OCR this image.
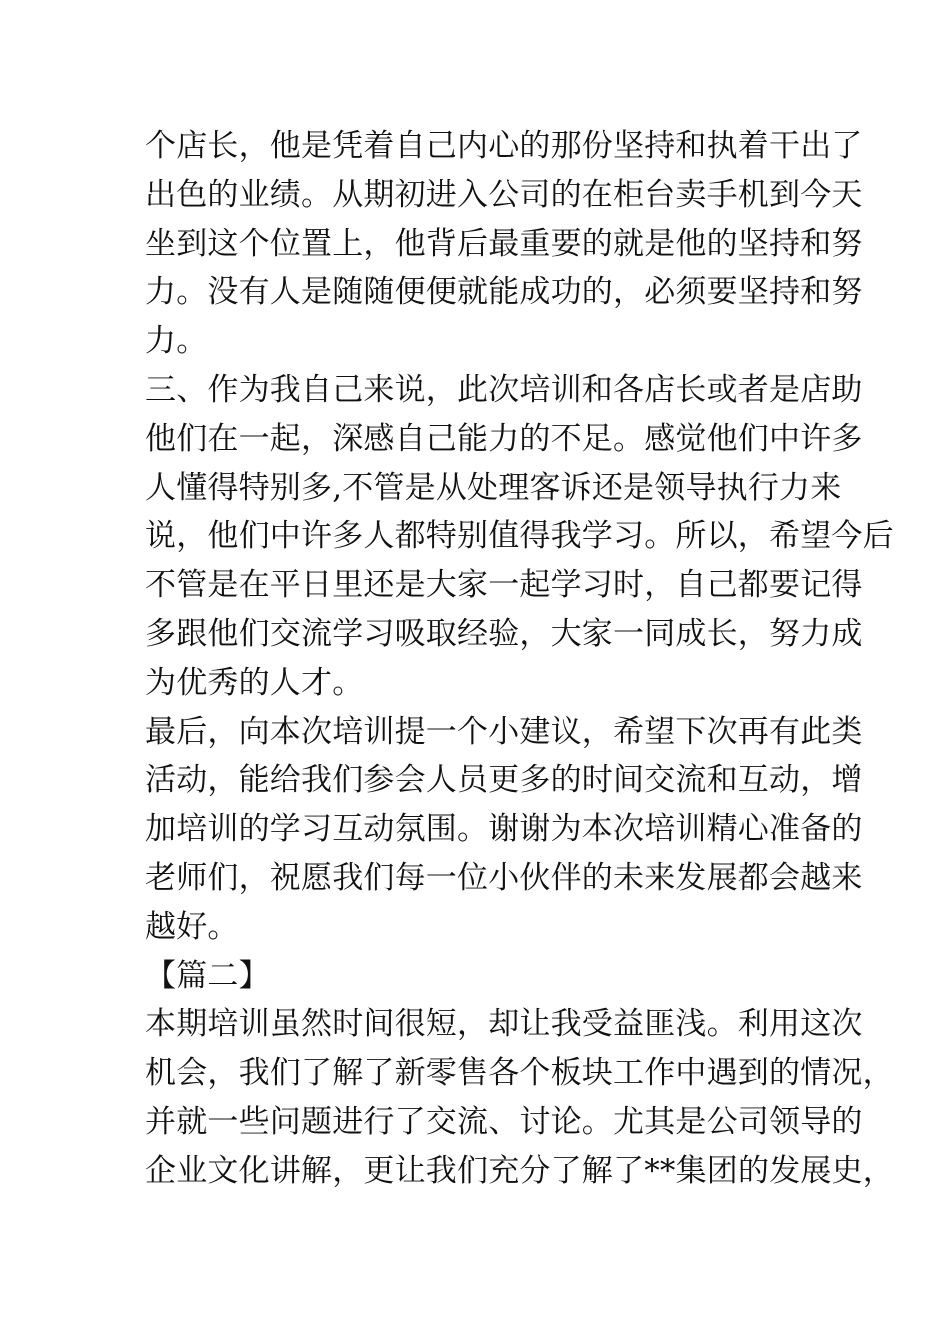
个店长，他是凭着自己内心的那份坚持和执着干出了
出色的业绩。从期初进入公司的在柜台卖手机到今天
坐到这个位置上，他背后最重要的就是他的坚持和努
力。没有人是随随便便就能成功的，必须要坚持和努
力。
三、作为我自己来说，此次培训和各店长或者是店助
他们在一起，深感自己能力的不足。感觉他们中许多
人懂得特别多,不管是从处理客诉还是领导执行力来
说，他们中许多人都特别值得我学习。所以，希望今后
不管是在平日里还是大家一起学习时，自己都要记得
多跟他们交流学习吸取经验，大家一同成长，努力成
为优秀的人才。
最后，向本次培训提一个小建议，希望下次再有此类
活动，能给我们参会人员更多的时间交流和互动，增
加培训的学习互动氛围。谢谢为本次培训精心准备的
老师们，祝愿我们每一位小伙伴的未来发展都会越来
越好。
【篇二】
本期培训虽然时间很短，却让我受益匪浅。利用这次
机会，我们了解了新零售各个板块工作中遇到的情况，
并就一些问题进行了交流、讨论。尤其是公司领导的
企业文化讲解，更让我们充分了解了**集团的发展史，
